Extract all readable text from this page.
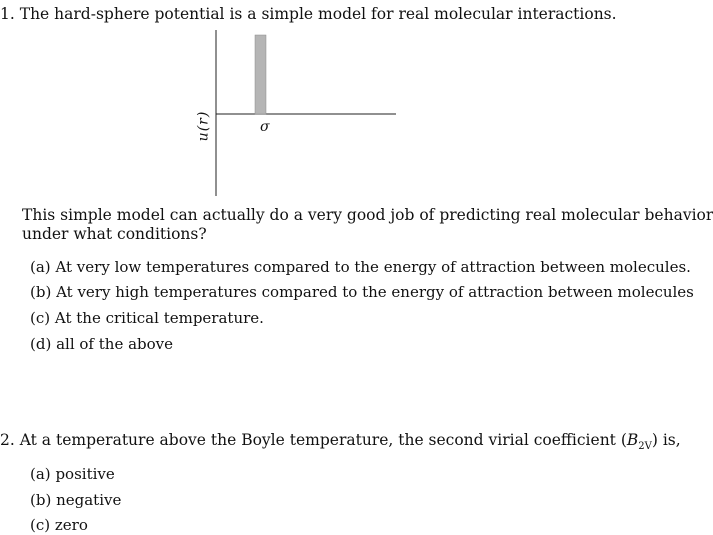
1. The hard-sphere potential is a simple model for real molecular interactions.
u(r)	σ
This simple model can actually do a very good job of predicting real molecular behavior
under what conditions?
(a) At very low temperatures compared to the energy of attraction between molecules.
(b) At very high temperatures compared to the energy of attraction between molecules
(c) At the critical temperature.
(d) all of the above
2. At a temperature above the Boyle temperature, the second virial coefficient $(B_{2V})$ is,
(a) positive
(b) negative
(c) zero
